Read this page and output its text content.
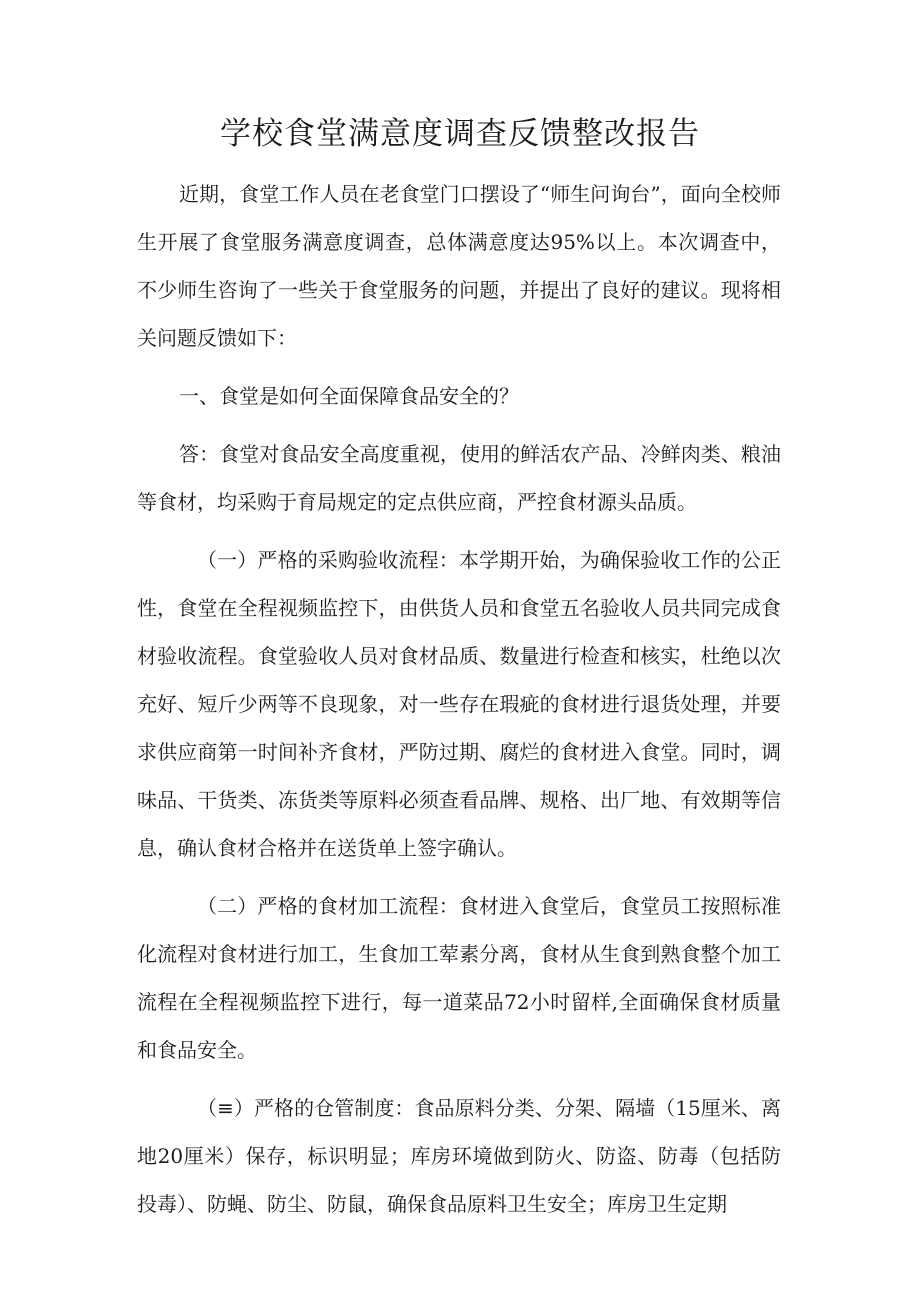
学校食堂满意度调查反馈整改报告

近期，食堂工作人员在老食堂门口摆设了“师生问询台”，面向全校师生开展了食堂服务满意度调查，总体满意度达95%以上。本次调查中，不少师生咨询了一些关于食堂服务的问题，并提出了良好的建议。现将相关问题反馈如下：

一、食堂是如何全面保障食品安全的？

答：食堂对食品安全高度重视，使用的鲜活农产品、冷鲜肉类、粮油等食材，均采购于育局规定的定点供应商，严控食材源头品质。

（一）严格的采购验收流程：本学期开始，为确保验收工作的公正性，食堂在全程视频监控下，由供货人员和食堂五名验收人员共同完成食材验收流程。食堂验收人员对食材品质、数量进行检查和核实，杜绝以次充好、短斤少两等不良现象，对一些存在瑕疵的食材进行退货处理，并要求供应商第一时间补齐食材，严防过期、腐烂的食材进入食堂。同时，调味品、干货类、冻货类等原料必须查看品牌、规格、出厂地、有效期等信息，确认食材合格并在送货单上签字确认。

（二）严格的食材加工流程：食材进入食堂后，食堂员工按照标准化流程对食材进行加工，生食加工荤素分离，食材从生食到熟食整个加工流程在全程视频监控下进行，每一道菜品72小时留样,全面确保食材质量和食品安全。

（≡）严格的仓管制度：食品原料分类、分架、隔墙（15厘米、离地20厘米）保存，标识明显；库房环境做到防火、防盗、防毒（包括防投毒）、防蝇、防尘、防鼠，确保食品原料卫生安全；库房卫生定期
